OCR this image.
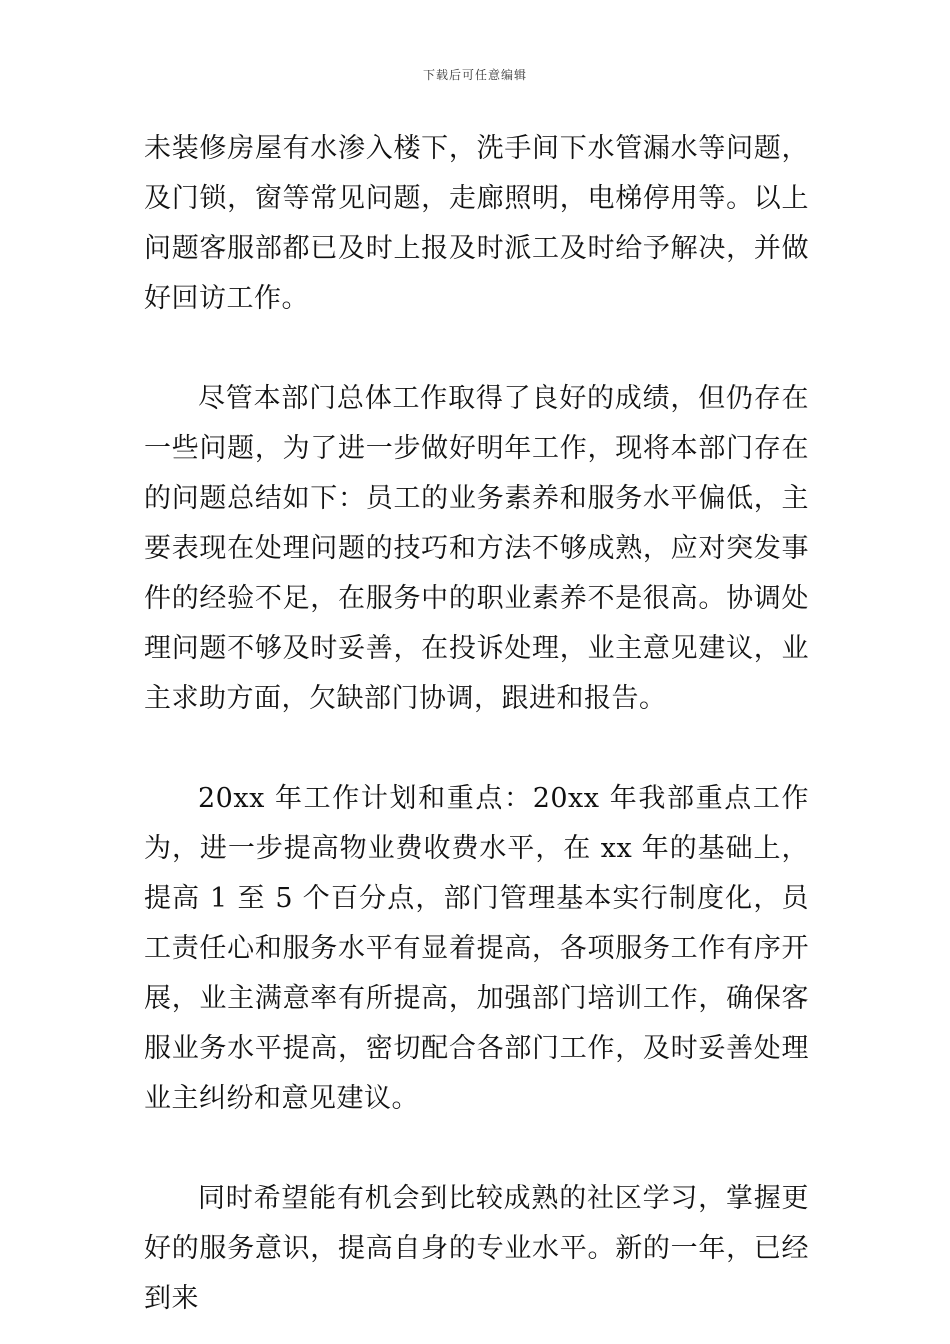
下载后可任意编辑

未装修房屋有水渗入楼下，洗手间下水管漏水等问题，及门锁，窗等常见问题，走廊照明，电梯停用等。以上问题客服部都已及时上报及时派工及时给予解决，并做好回访工作。

尽管本部门总体工作取得了良好的成绩，但仍存在一些问题，为了进一步做好明年工作，现将本部门存在的问题总结如下：员工的业务素养和服务水平偏低，主要表现在处理问题的技巧和方法不够成熟，应对突发事件的经验不足，在服务中的职业素养不是很高。协调处理问题不够及时妥善，在投诉处理，业主意见建议，业主求助方面，欠缺部门协调，跟进和报告。

20xx 年工作计划和重点：20xx 年我部重点工作为，进一步提高物业费收费水平，在 xx 年的基础上，提高 1 至 5 个百分点，部门管理基本实行制度化，员工责任心和服务水平有显着提高，各项服务工作有序开展，业主满意率有所提高，加强部门培训工作，确保客服业务水平提高，密切配合各部门工作，及时妥善处理业主纠纷和意见建议。

同时希望能有机会到比较成熟的社区学习，掌握更好的服务意识，提高自身的专业水平。新的一年，已经到来
